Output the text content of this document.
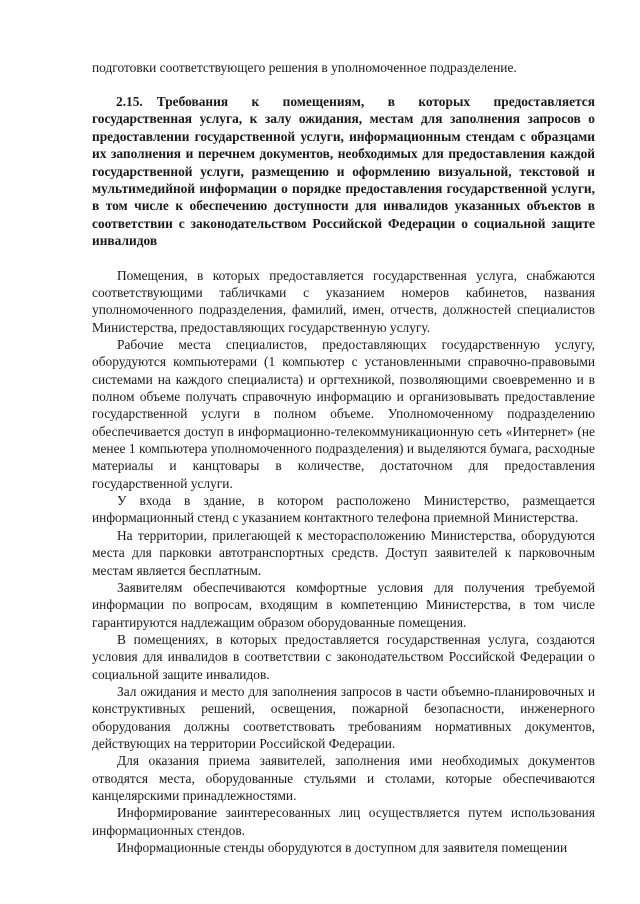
подготовки соответствующего решения в уполномоченное подразделение.

2.15. Требования к помещениям, в которых предоставляется государственная услуга, к залу ожидания, местам для заполнения запросов о предоставлении государственной услуги, информационным стендам с образцами их заполнения и перечнем документов, необходимых для предоставления каждой государственной услуги, размещению и оформлению визуальной, текстовой и мультимедийной информации о порядке предоставления государственной услуги, в том числе к обеспечению доступности для инвалидов указанных объектов в соответствии с законодательством Российской Федерации о социальной защите инвалидов

Помещения, в которых предоставляется государственная услуга, снабжаются соответствующими табличками с указанием номеров кабинетов, названия уполномоченного подразделения, фамилий, имен, отчеств, должностей специалистов Министерства, предоставляющих государственную услугу.

Рабочие места специалистов, предоставляющих государственную услугу, оборудуются компьютерами (1 компьютер с установленными справочно-правовыми системами на каждого специалиста) и оргтехникой, позволяющими своевременно и в полном объеме получать справочную информацию и организовывать предоставление государственной услуги в полном объеме. Уполномоченному подразделению обеспечивается доступ в информационно-телекоммуникационную сеть «Интернет» (не менее 1 компьютера уполномоченного подразделения) и выделяются бумага, расходные материалы и канцтовары в количестве, достаточном для предоставления государственной услуги.

У входа в здание, в котором расположено Министерство, размещается информационный стенд с указанием контактного телефона приемной Министерства.

На территории, прилегающей к месторасположению Министерства, оборудуются места для парковки автотранспортных средств. Доступ заявителей к парковочным местам является бесплатным.

Заявителям обеспечиваются комфортные условия для получения требуемой информации по вопросам, входящим в компетенцию Министерства, в том числе гарантируются надлежащим образом оборудованные помещения.

В помещениях, в которых предоставляется государственная услуга, создаются условия для инвалидов в соответствии с законодательством Российской Федерации о социальной защите инвалидов.

Зал ожидания и место для заполнения запросов в части объемно-планировочных и конструктивных решений, освещения, пожарной безопасности, инженерного оборудования должны соответствовать требованиям нормативных документов, действующих на территории Российской Федерации.

Для оказания приема заявителей, заполнения ими необходимых документов отводятся места, оборудованные стульями и столами, которые обеспечиваются канцелярскими принадлежностями.

Информирование заинтересованных лиц осуществляется путем использования информационных стендов.

Информационные стенды оборудуются в доступном для заявителя помещении
